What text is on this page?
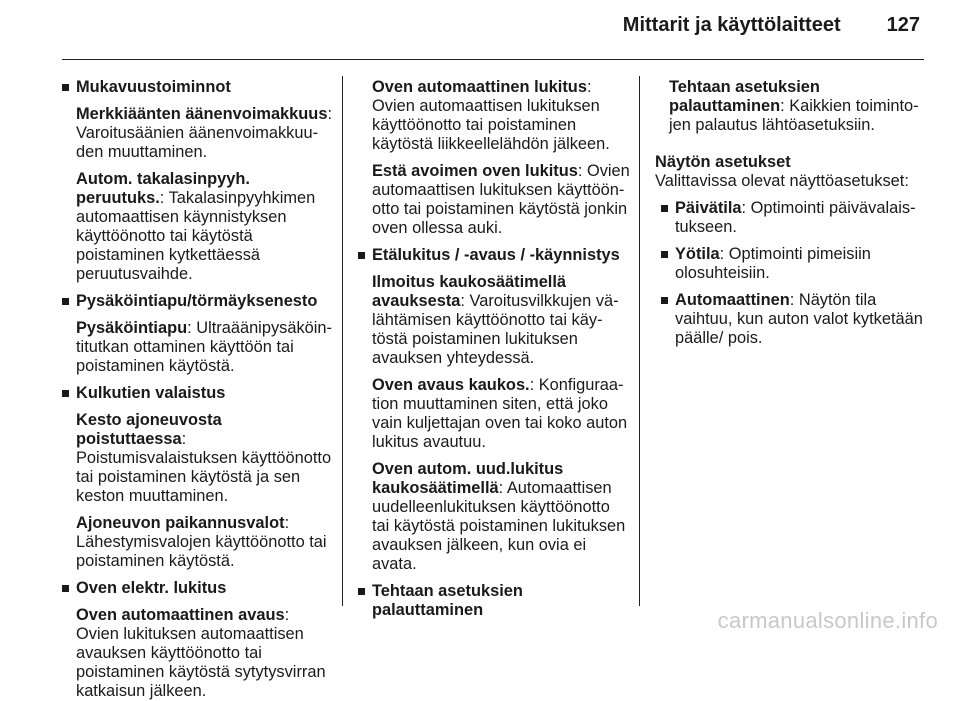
Mittarit ja käyttölaitteet 127

Mukavuustoiminnot

Merkkiäänten äänenvoimakkuus: Varoitusäänien äänenvoimakkuuden muuttaminen.

Autom. takalasinpyyh. peruutuks.: Takalasinpyyhkimen automaattisen käynnistyksen käyttöönotto tai käytöstä poistaminen kytkettäessä peruutusvaihde.

Pysäköintiapu/törmäyksenesto

Pysäköintiapu: Ultraäänipysäköintitutkan ottaminen käyttöön tai poistaminen käytöstä.

Kulkutien valaistus

Kesto ajoneuvosta poistuttaessa: Poistumisvalaistuksen käyttöönotto tai poistaminen käytöstä ja sen keston muuttaminen.

Ajoneuvon paikannusvalot: Lähestymisvalojen käyttöönotto tai poistaminen käytöstä.

Oven elektr. lukitus

Oven automaattinen avaus: Ovien lukituksen automaattisen avauksen käyttöönotto tai poistaminen käytöstä sytytysvirran katkaisun jälkeen.

Oven automaattinen lukitus: Ovien automaattisen lukituksen käyttöönotto tai poistaminen käytöstä liikkeellelähdön jälkeen.

Estä avoimen oven lukitus: Ovien automaattisen lukituksen käyttöönotto tai poistaminen käytöstä jonkin oven ollessa auki.

Etälukitus / -avaus / -käynnistys

Ilmoitus kaukosäätimellä avauksesta: Varoitusvilkkujen välähtämisen käyttöönotto tai käytöstä poistaminen lukituksen avauksen yhteydessä.

Oven avaus kaukos.: Konfiguraation muuttaminen siten, että joko vain kuljettajan oven tai koko auton lukitus avautuu.

Oven autom. uud.lukitus kaukosäätimellä: Automaattisen uudelleenlukituksen käyttöönotto tai käytöstä poistaminen lukituksen avauksen jälkeen, kun ovia ei avata.

Tehtaan asetuksien palauttaminen

Tehtaan asetuksien palauttaminen: Kaikkien toimintojen palautus lähtöasetuksiin.

Näytön asetukset

Valittavissa olevat näyttöasetukset:

Päivätila: Optimointi päivävalaistukseen.

Yötila: Optimointi pimeisiin olosuhteisiin.

Automaattinen: Näytön tila vaihtuu, kun auton valot kytketään päälle/ pois.

carmanualsonline.info
